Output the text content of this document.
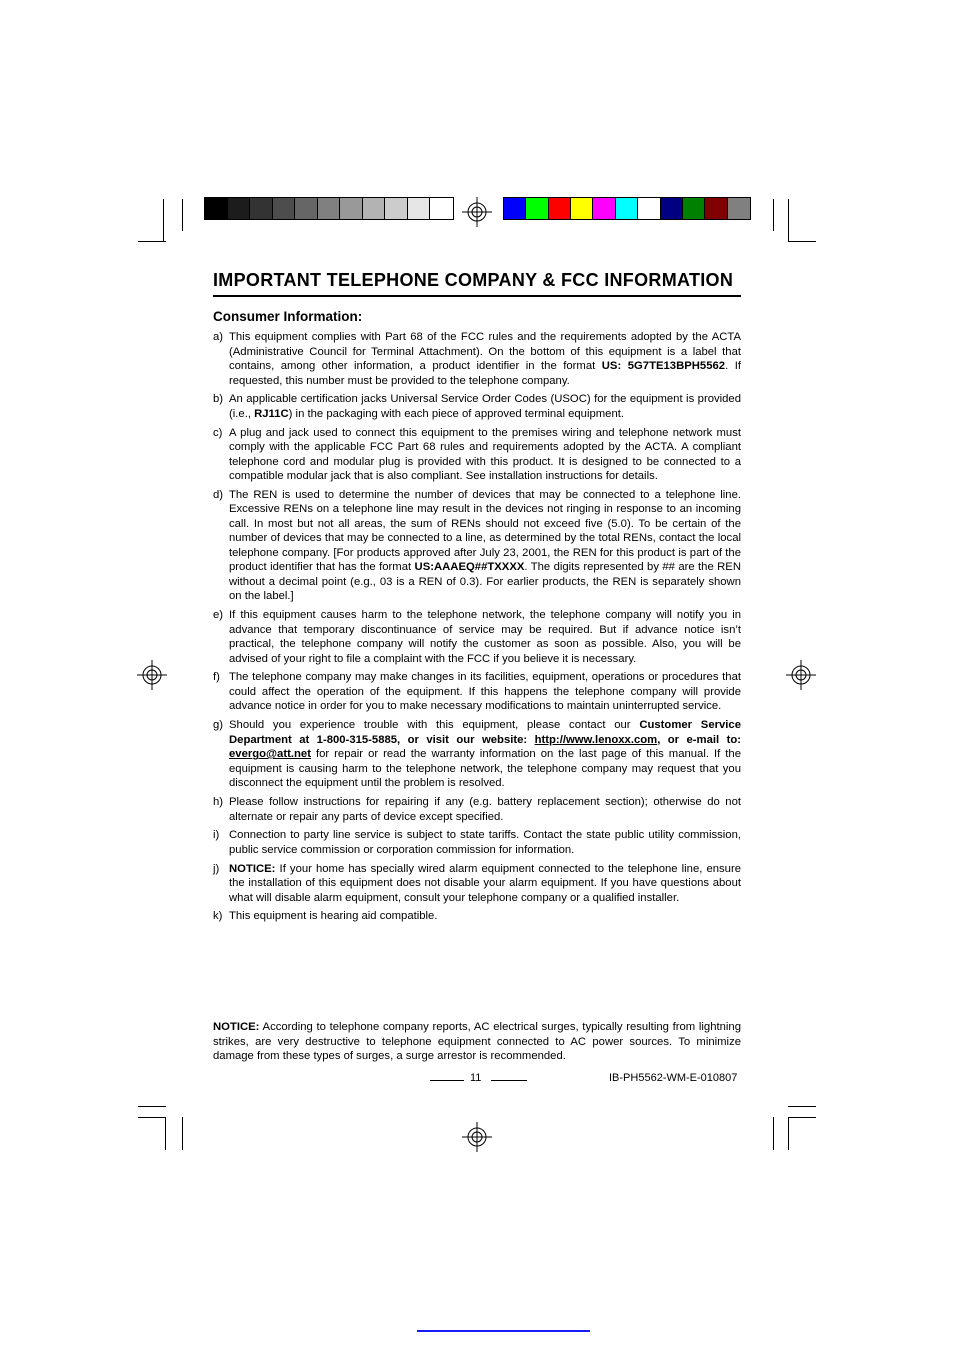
IMPORTANT TELEPHONE COMPANY & FCC INFORMATION
Consumer Information:
a) This equipment complies with Part 68 of the FCC rules and the requirements adopted by the ACTA (Administrative Council for Terminal Attachment). On the bottom of this equipment is a label that contains, among other information, a product identifier in the format US: 5G7TE13BPH5562. If requested, this number must be provided to the telephone company.
b) An applicable certification jacks Universal Service Order Codes (USOC) for the equipment is provided (i.e., RJ11C) in the packaging with each piece of approved terminal equipment.
c) A plug and jack used to connect this equipment to the premises wiring and telephone network must comply with the applicable FCC Part 68 rules and requirements adopted by the ACTA. A compliant telephone cord and modular plug is provided with this product. It is designed to be connected to a compatible modular jack that is also compliant. See installation instructions for details.
d) The REN is used to determine the number of devices that may be connected to a telephone line. Excessive RENs on a telephone line may result in the devices not ringing in response to an incoming call. In most but not all areas, the sum of RENs should not exceed five (5.0). To be certain of the number of devices that may be connected to a line, as determined by the total RENs, contact the local telephone company. [For products approved after July 23, 2001, the REN for this product is part of the product identifier that has the format US:AAAEQ##TXXXX. The digits represented by ## are the REN without a decimal point (e.g., 03 is a REN of 0.3). For earlier products, the REN is separately shown on the label.]
e) If this equipment causes harm to the telephone network, the telephone company will notify you in advance that temporary discontinuance of service may be required. But if advance notice isn’t practical, the telephone company will notify the customer as soon as possible. Also, you will be advised of your right to file a complaint with the FCC if you believe it is necessary.
f) The telephone company may make changes in its facilities, equipment, operations or procedures that could affect the operation of the equipment. If this happens the telephone company will provide advance notice in order for you to make necessary modifications to maintain uninterrupted service.
g) Should you experience trouble with this equipment, please contact our Customer Service Department at 1-800-315-5885, or visit our website: http://www.lenoxx.com, or e-mail to: evergo@att.net for repair or read the warranty information on the last page of this manual. If the equipment is causing harm to the telephone network, the telephone company may request that you disconnect the equipment until the problem is resolved.
h) Please follow instructions for repairing if any (e.g. battery replacement section); otherwise do not alternate or repair any parts of device except specified.
i) Connection to party line service is subject to state tariffs. Contact the state public utility commission, public service commission or corporation commission for information.
j) NOTICE: If your home has specially wired alarm equipment connected to the telephone line, ensure the installation of this equipment does not disable your alarm equipment. If you have questions about what will disable alarm equipment, consult your telephone company or a qualified installer.
k) This equipment is hearing aid compatible.
NOTICE: According to telephone company reports, AC electrical surges, typically resulting from lightning strikes, are very destructive to telephone equipment connected to AC power sources. To minimize damage from these types of surges, a surge arrestor is recommended.
11	IB-PH5562-WM-E-010807
